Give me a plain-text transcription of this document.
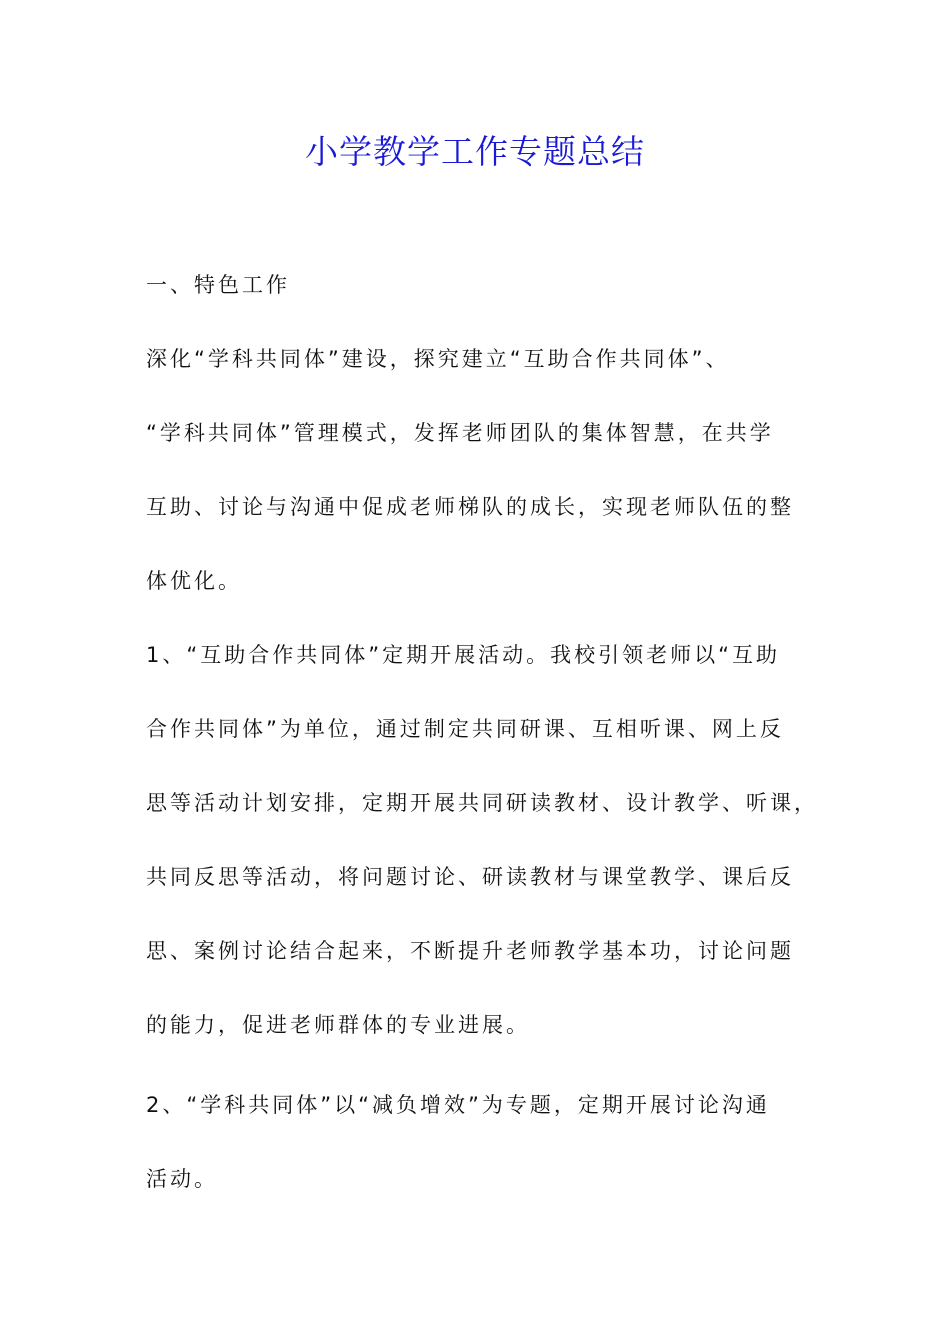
小学教学工作专题总结
一、特色工作
深化“学科共同体”建设，探究建立“互助合作共同体”、
“学科共同体”管理模式，发挥老师团队的集体智慧，在共学
互助、讨论与沟通中促成老师梯队的成长，实现老师队伍的整
体优化。
1、“互助合作共同体”定期开展活动。我校引领老师以“互助
合作共同体”为单位，通过制定共同研课、互相听课、网上反
思等活动计划安排，定期开展共同研读教材、设计教学、听课，
共同反思等活动，将问题讨论、研读教材与课堂教学、课后反
思、案例讨论结合起来，不断提升老师教学基本功，讨论问题
的能力，促进老师群体的专业进展。
2、“学科共同体”以“减负增效”为专题，定期开展讨论沟通
活动。
